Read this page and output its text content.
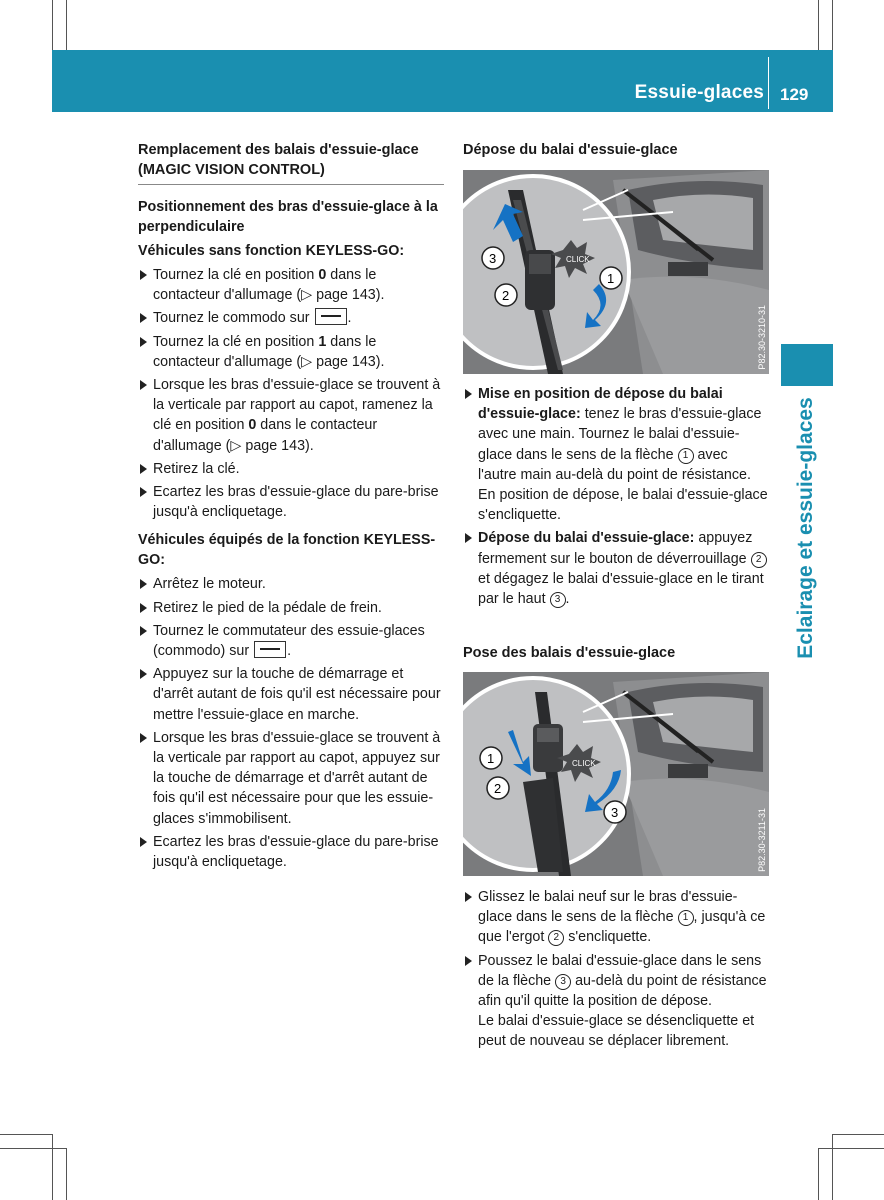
Essuie-glaces 129
Eclairage et essuie-glaces
Remplacement des balais d'essuie-glace (MAGIC VISION CONTROL)
Positionnement des bras d'essuie-glace à la perpendiculaire
Véhicules sans fonction KEYLESS-GO:
Tournez la clé en position 0 dans le contacteur d'allumage (▷ page 143).
Tournez le commodo sur .
Tournez la clé en position 1 dans le contacteur d'allumage (▷ page 143).
Lorsque les bras d'essuie-glace se trouvent à la verticale par rapport au capot, ramenez la clé en position 0 dans le contacteur d'allumage (▷ page 143).
Retirez la clé.
Ecartez les bras d'essuie-glace du pare-brise jusqu'à encliquetage.
Véhicules équipés de la fonction KEYLESS-GO:
Arrêtez le moteur.
Retirez le pied de la pédale de frein.
Tournez le commutateur des essuie-glaces (commodo) sur	.
Appuyez sur la touche de démarrage et d'arrêt autant de fois qu'il est nécessaire pour mettre l'essuie-glace en marche.
Lorsque les bras d'essuie-glace se trouvent à la verticale par rapport au capot, appuyez sur la touche de démarrage et d'arrêt autant de fois qu'il est nécessaire pour que les essuie-glaces s'immobilisent.
Ecartez les bras d'essuie-glace du pare-brise jusqu'à encliquetage.
Dépose du balai d'essuie-glace
CLICK
3
2
1
P82.30-3210-31
Mise en position de dépose du balai d'essuie-glace: tenez le bras d'essuie-glace avec une main. Tournez le balai d'essuie-glace dans le sens de la flèche 1 avec l'autre main au-delà du point de résistance.
En position de dépose, le balai d'essuie-glace s'encliquette.
Dépose du balai d'essuie-glace: appuyez fermement sur le bouton de déverrouillage 2 et dégagez le balai d'essuie-glace en le tirant par le haut 3 .
Pose des balais d'essuie-glace
CLICK
1
2
3	P82.30-3211-31
Glissez le balai neuf sur le bras d'essuie-glace dans le sens de la flèche 1 , jusqu'à ce que l'ergot 2 s'encliquette.
Poussez le balai d'essuie-glace dans le sens de la flèche 3 au-delà du point de résistance afin qu'il quitte la position de dépose.
Le balai d'essuie-glace se désencliquette et peut de nouveau se déplacer librement.
